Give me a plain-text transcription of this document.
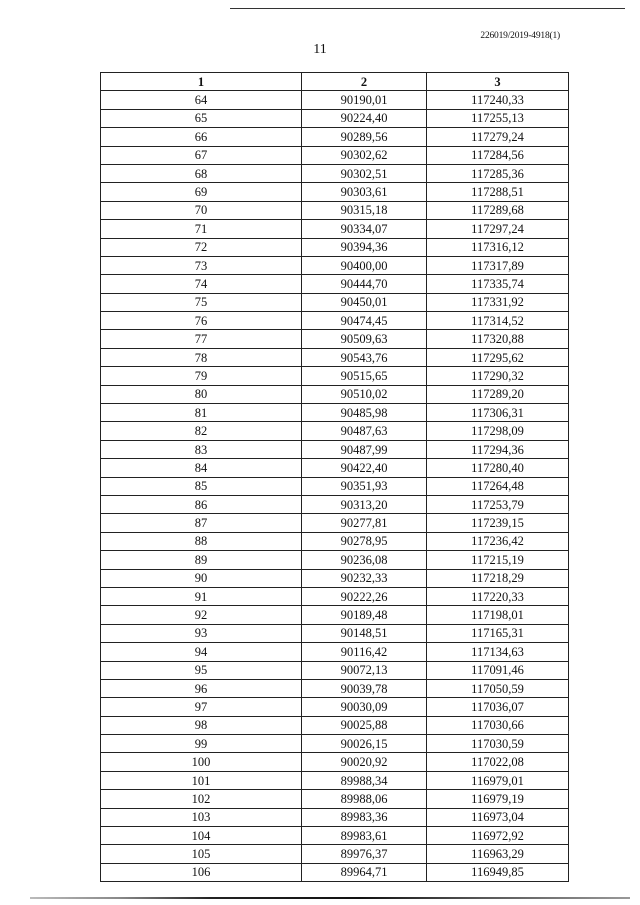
226019/2019-4918(1)
11
1	2	3
64	90190,01	117240,33
65	90224,40	117255,13
66	90289,56	117279,24
67	90302,62	117284,56
68	90302,51	117285,36
69	90303,61	117288,51
70	90315,18	117289,68
71	90334,07	117297,24
72	90394,36	117316,12
73	90400,00	117317,89
74	90444,70	117335,74
75	90450,01	117331,92
76	90474,45	117314,52
77	90509,63	117320,88
78	90543,76	117295,62
79	90515,65	117290,32
80	90510,02	117289,20
81	90485,98	117306,31
82	90487,63	117298,09
83	90487,99	117294,36
84	90422,40	117280,40
85	90351,93	117264,48
86	90313,20	117253,79
87	90277,81	117239,15
88	90278,95	117236,42
89	90236,08	117215,19
90	90232,33	117218,29
91	90222,26	117220,33
92	90189,48	117198,01
93	90148,51	117165,31
94	90116,42	117134,63
95	90072,13	117091,46
96	90039,78	117050,59
97	90030,09	117036,07
98	90025,88	117030,66
99	90026,15	117030,59
100	90020,92	117022,08
101	89988,34	116979,01
102	89988,06	116979,19
103	89983,36	116973,04
104	89983,61	116972,92
105	89976,37	116963,29
106	89964,71	116949,85
